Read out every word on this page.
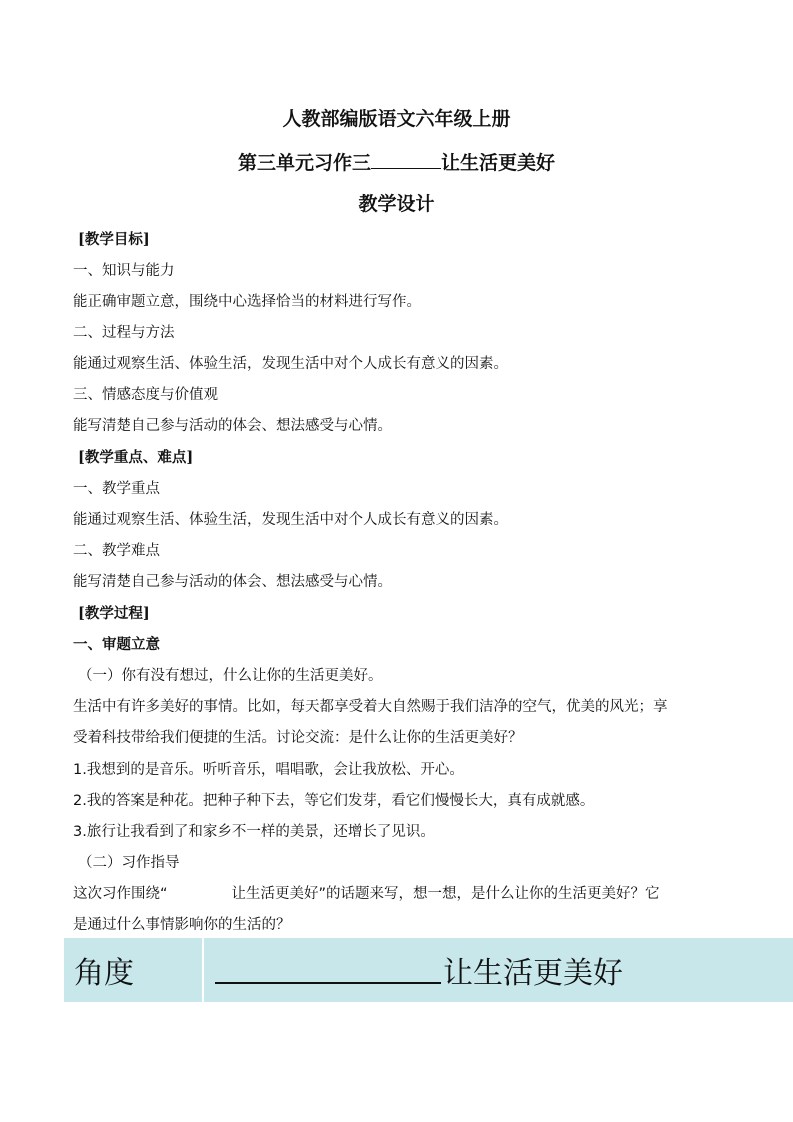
人教部编版语文六年级上册
第三单元习作三	让生活更美好
教学设计
[教学目标]
一、知识与能力
能正确审题立意，围绕中心选择恰当的材料进行写作。
二、过程与方法
能通过观察生活、体验生活，发现生活中对个人成长有意义的因素。
三、情感态度与价值观
能写清楚自己参与活动的体会、想法感受与心情。
[教学重点、难点]
一、教学重点
能通过观察生活、体验生活，发现生活中对个人成长有意义的因素。
二、教学难点
能写清楚自己参与活动的体会、想法感受与心情。
[教学过程]
一、审题立意
（一）你有没有想过，什么让你的生活更美好。
生活中有许多美好的事情。比如，每天都享受着大自然赐于我们洁净的空气，优美的风光；享
受着科技带给我们便捷的生活。讨论交流：是什么让你的生活更美好？
1.我想到的是音乐。听听音乐，唱唱歌，会让我放松、开心。
2.我的答案是种花。把种子种下去，等它们发芽，看它们慢慢长大，真有成就感。
3.旅行让我看到了和家乡不一样的美景，还增长了见识。
（二）习作指导
这次习作围绕“	让生活更美好”的话题来写，想一想，是什么让你的生活更美好？它
是通过什么事情影响你的生活的？
角度	让生活更美好
